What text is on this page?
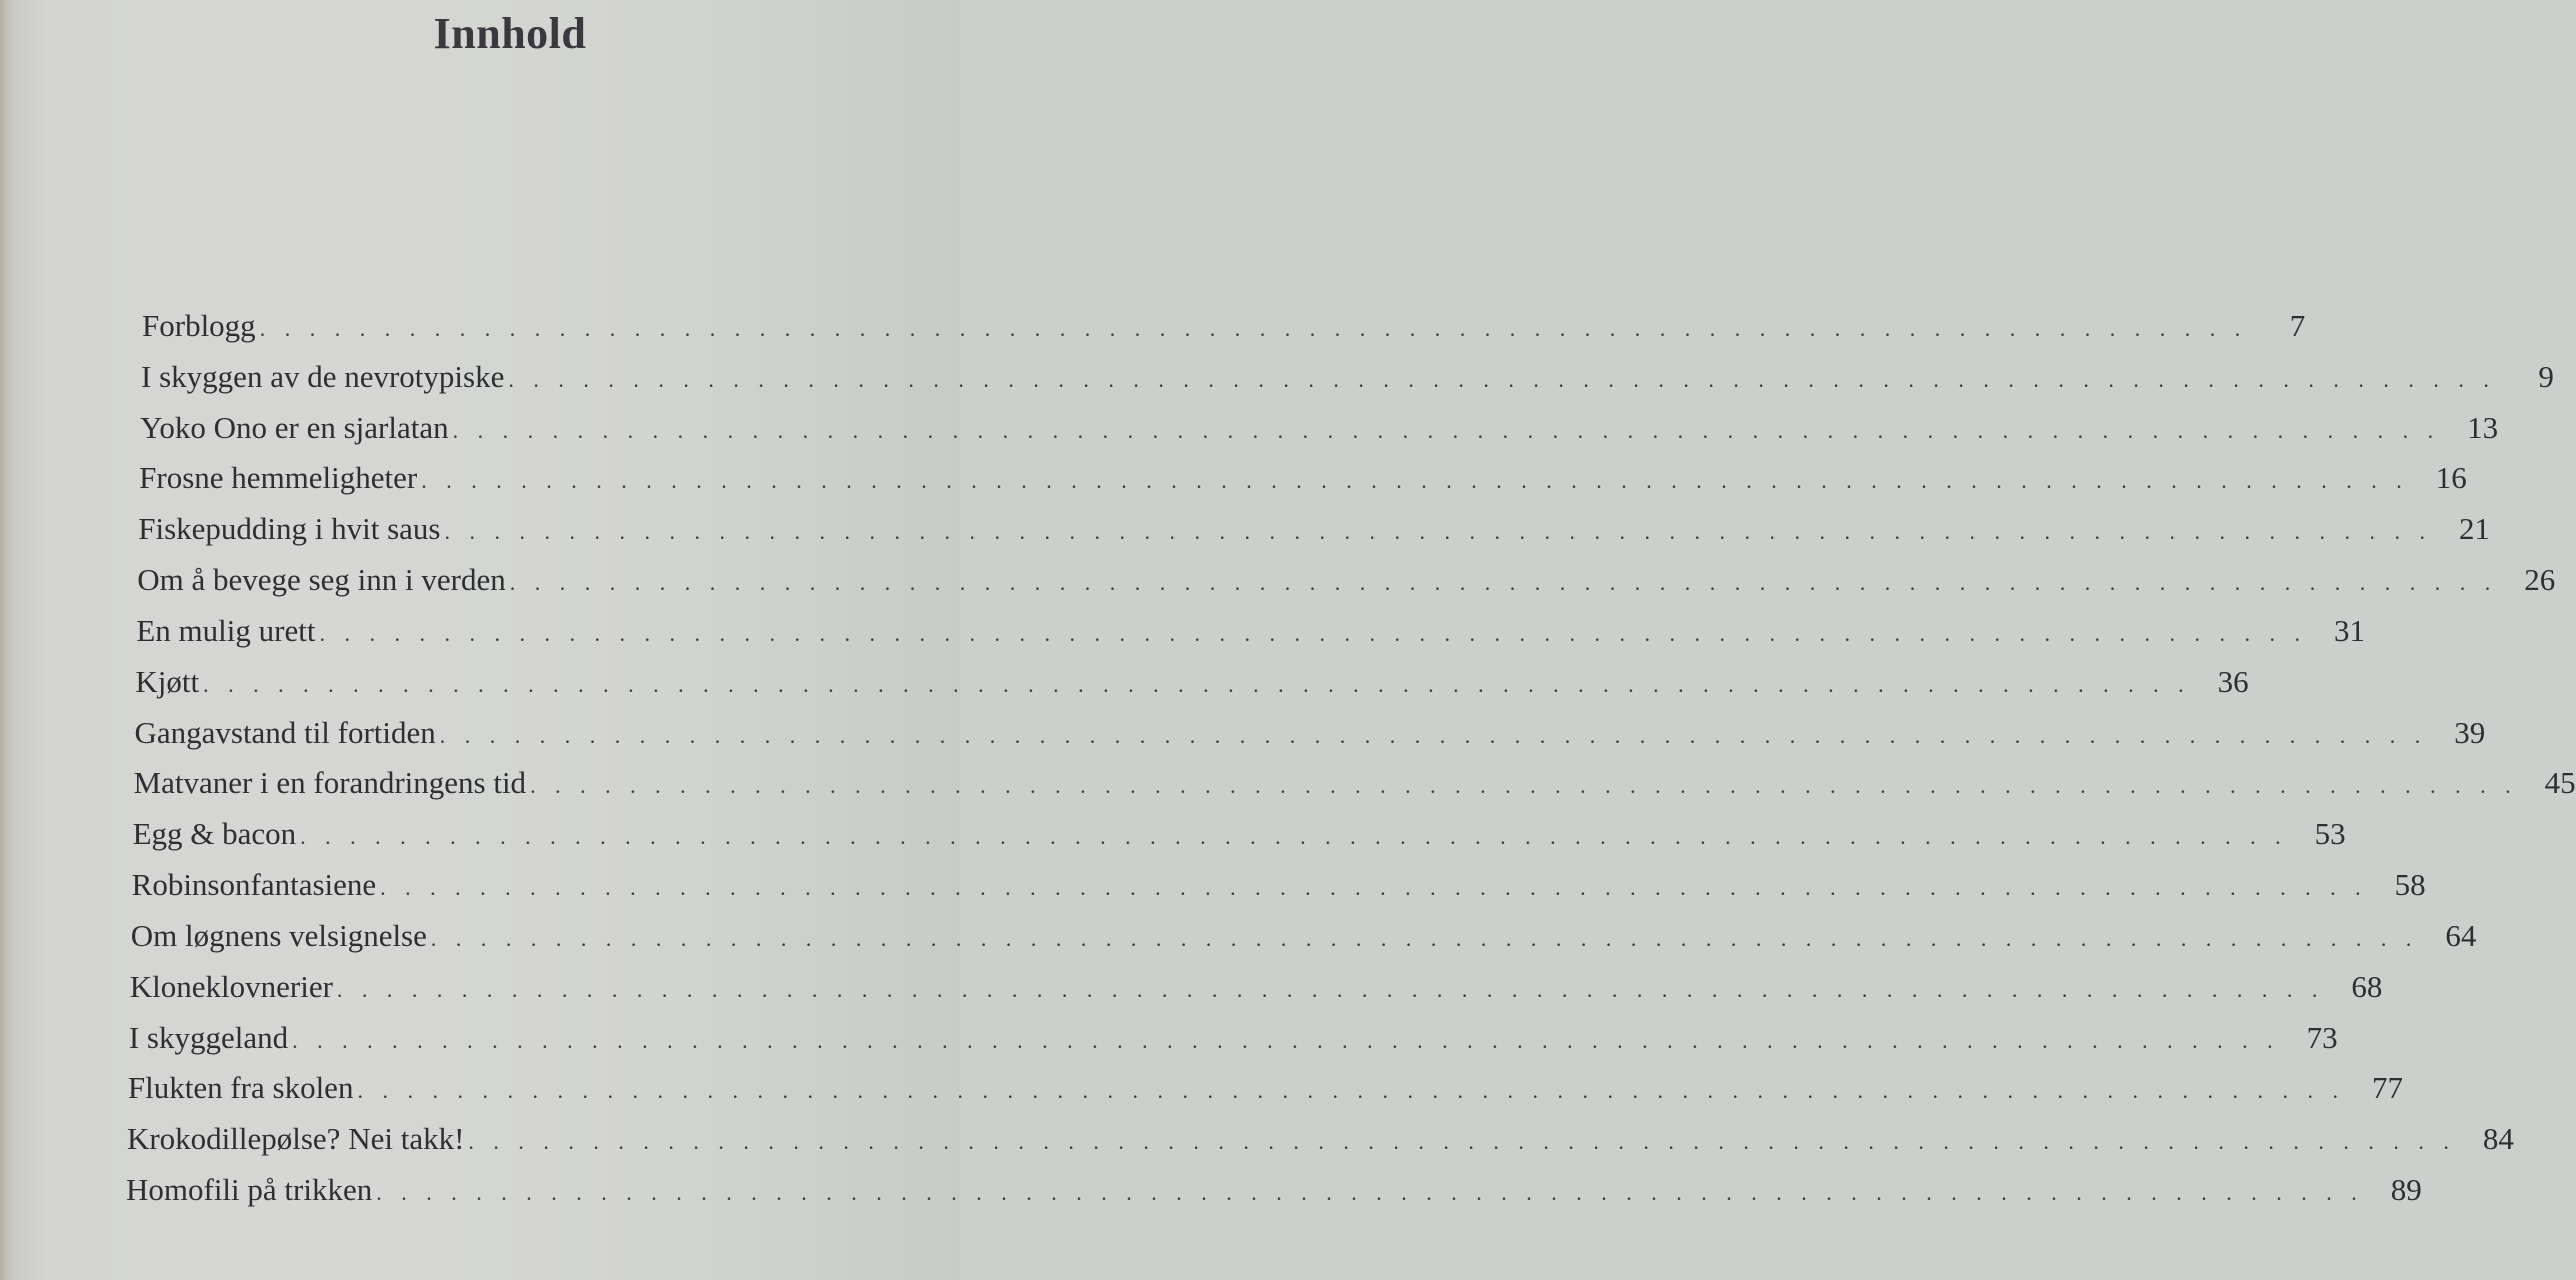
Innhold
Forblogg . . . . . . . . . . . . . . . . . . . . . . . . . . . . . . . . . . . . . . . . . . . . . . . . . . . . . . . . . . . . . . . . . . . . . . . . . . . . . . . .	7
I skyggen av de nevrotypiske . . . . . . . . . . . . . . . . . . . . . . . . . . . . . . . . . . . . . . . . . . . . . . . . . . . . . . . . . . . . . . . . . . . . . . . . . . . . . . . .	9
Yoko Ono er en sjarlatan . . . . . . . . . . . . . . . . . . . . . . . . . . . . . . . . . . . . . . . . . . . . . . . . . . . . . . . . . . . . . . . . . . . . . . . . . . . . . . . . 13
Frosne hemmeligheter . . . . . . . . . . . . . . . . . . . . . . . . . . . . . . . . . . . . . . . . . . . . . . . . . . . . . . . . . . . . . . . . . . . . . . . . . . . . . . . . 16
Fiskepudding i hvit saus . . . . . . . . . . . . . . . . . . . . . . . . . . . . . . . . . . . . . . . . . . . . . . . . . . . . . . . . . . . . . . . . . . . . . . . . . . . . . . . . 21
Om å bevege seg inn i verden . . . . . . . . . . . . . . . . . . . . . . . . . . . . . . . . . . . . . . . . . . . . . . . . . . . . . . . . . . . . . . . . . . . . . . . . . . . . . . . . 26
En mulig urett . . . . . . . . . . . . . . . . . . . . . . . . . . . . . . . . . . . . . . . . . . . . . . . . . . . . . . . . . . . . . . . . . . . . . . . . . . . . . . . . 31
Kjøtt . . . . . . . . . . . . . . . . . . . . . . . . . . . . . . . . . . . . . . . . . . . . . . . . . . . . . . . . . . . . . . . . . . . . . . . . . . . . . . . . 36
Gangavstand til fortiden . . . . . . . . . . . . . . . . . . . . . . . . . . . . . . . . . . . . . . . . . . . . . . . . . . . . . . . . . . . . . . . . . . . . . . . . . . . . . . . . 39
Matvaner i en forandringens tid . . . . . . . . . . . . . . . . . . . . . . . . . . . . . . . . . . . . . . . . . . . . . . . . . . . . . . . . . . . . . . . . . . . . . . . . . . . . . . . . 45
Egg & bacon . . . . . . . . . . . . . . . . . . . . . . . . . . . . . . . . . . . . . . . . . . . . . . . . . . . . . . . . . . . . . . . . . . . . . . . . . . . . . . . . 53
Robinsonfantasiene . . . . . . . . . . . . . . . . . . . . . . . . . . . . . . . . . . . . . . . . . . . . . . . . . . . . . . . . . . . . . . . . . . . . . . . . . . . . . . . . 58
Om løgnens velsignelse . . . . . . . . . . . . . . . . . . . . . . . . . . . . . . . . . . . . . . . . . . . . . . . . . . . . . . . . . . . . . . . . . . . . . . . . . . . . . . . . 64
Kloneklovnerier . . . . . . . . . . . . . . . . . . . . . . . . . . . . . . . . . . . . . . . . . . . . . . . . . . . . . . . . . . . . . . . . . . . . . . . . . . . . . . . . 68
I skyggeland . . . . . . . . . . . . . . . . . . . . . . . . . . . . . . . . . . . . . . . . . . . . . . . . . . . . . . . . . . . . . . . . . . . . . . . . . . . . . . . . 73
Flukten fra skolen . . . . . . . . . . . . . . . . . . . . . . . . . . . . . . . . . . . . . . . . . . . . . . . . . . . . . . . . . . . . . . . . . . . . . . . . . . . . . . . . 77
Krokodillepølse? Nei takk! . . . . . . . . . . . . . . . . . . . . . . . . . . . . . . . . . . . . . . . . . . . . . . . . . . . . . . . . . . . . . . . . . . . . . . . . . . . . . . . . 84
Homofili på trikken . . . . . . . . . . . . . . . . . . . . . . . . . . . . . . . . . . . . . . . . . . . . . . . . . . . . . . . . . . . . . . . . . . . . . . . . . . . . . . . . 89
